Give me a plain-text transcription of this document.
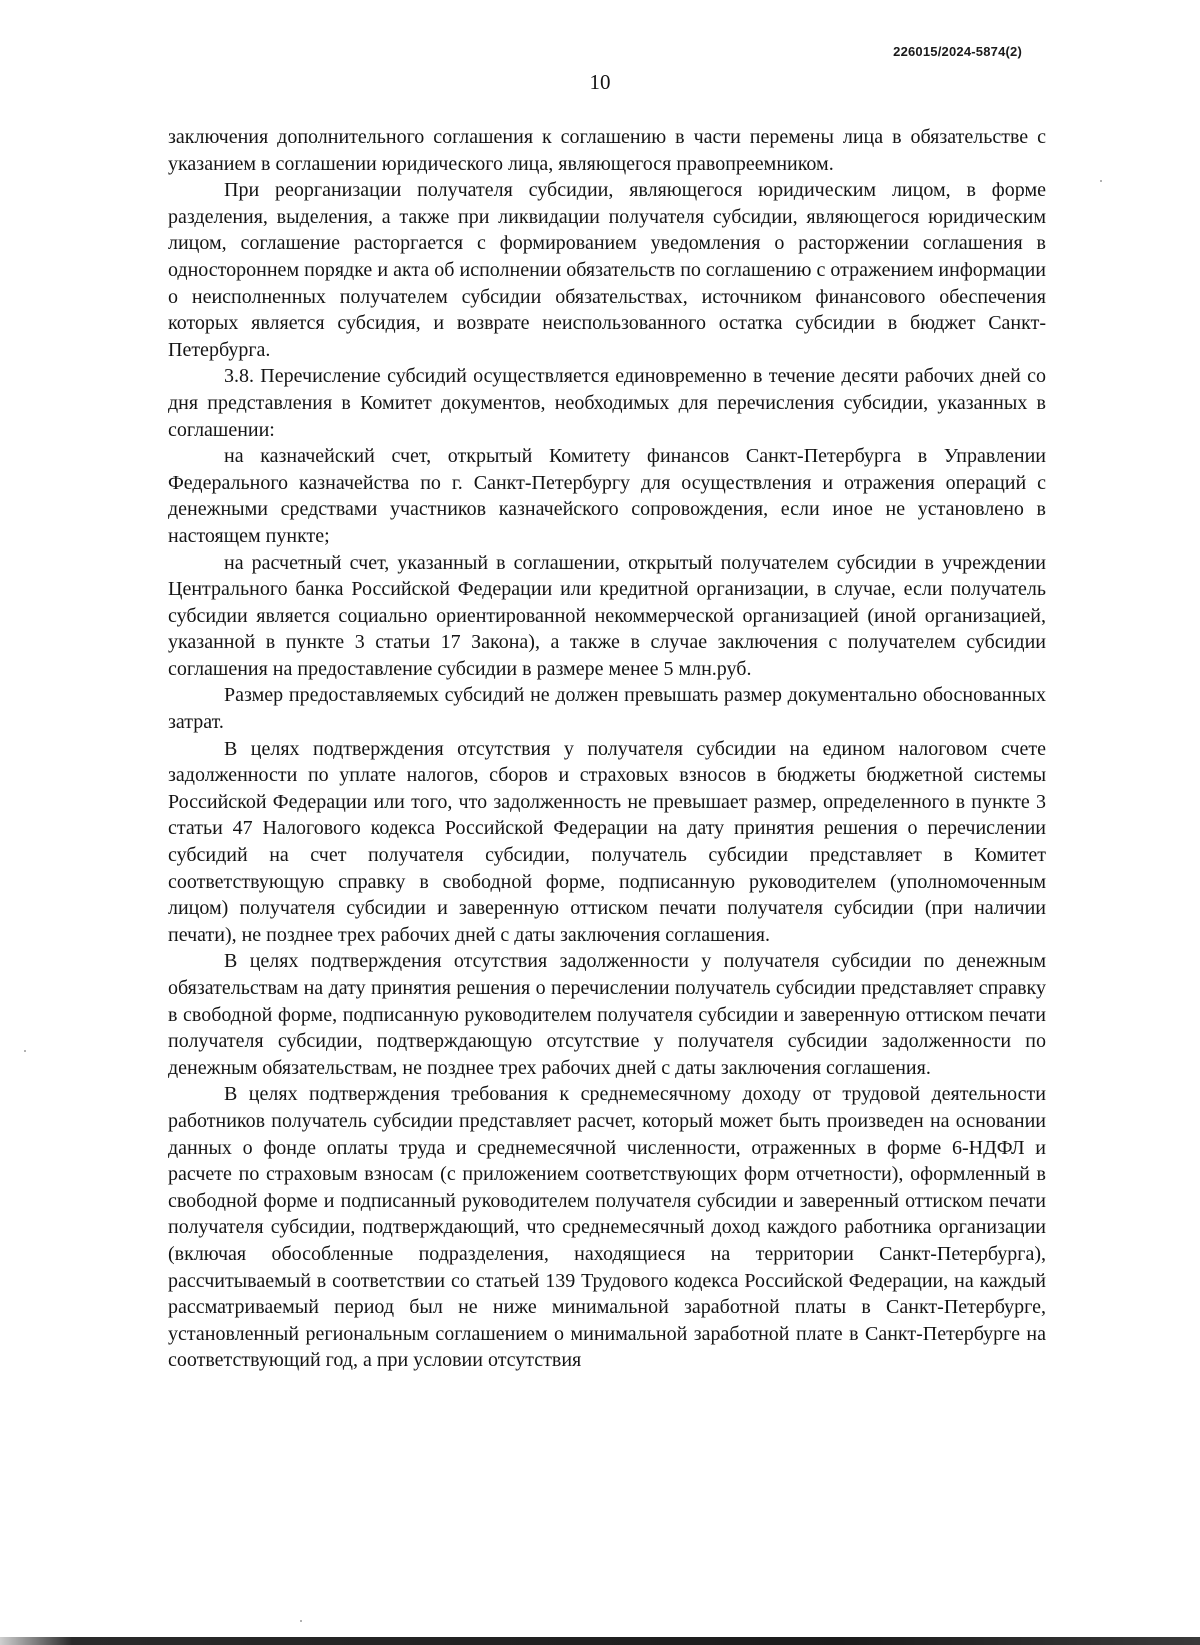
226015/2024-5874(2)
10

заключения дополнительного соглашения к соглашению в части перемены лица в обязательстве с указанием в соглашении юридического лица, являющегося правопреемником.

При реорганизации получателя субсидии, являющегося юридическим лицом, в форме разделения, выделения, а также при ликвидации получателя субсидии, являющегося юридическим лицом, соглашение расторгается с формированием уведомления о расторжении соглашения в одностороннем порядке и акта об исполнении обязательств по соглашению с отражением информации о неисполненных получателем субсидии обязательствах, источником финансового обеспечения которых является субсидия, и возврате неиспользованного остатка субсидии в бюджет Санкт-Петербурга.

3.8. Перечисление субсидий осуществляется единовременно в течение десяти рабочих дней со дня представления в Комитет документов, необходимых для перечисления субсидии, указанных в соглашении:

на казначейский счет, открытый Комитету финансов Санкт-Петербурга в Управлении Федерального казначейства по г. Санкт-Петербургу для осуществления и отражения операций с денежными средствами участников казначейского сопровождения, если иное не установлено в настоящем пункте;

на расчетный счет, указанный в соглашении, открытый получателем субсидии в учреждении Центрального банка Российской Федерации или кредитной организации, в случае, если получатель субсидии является социально ориентированной некоммерческой организацией (иной организацией, указанной в пункте 3 статьи 17 Закона), а также в случае заключения с получателем субсидии соглашения на предоставление субсидии в размере менее 5 млн.руб.

Размер предоставляемых субсидий не должен превышать размер документально обоснованных затрат.

В целях подтверждения отсутствия у получателя субсидии на едином налоговом счете задолженности по уплате налогов, сборов и страховых взносов в бюджеты бюджетной системы Российской Федерации или того, что задолженность не превышает размер, определенного в пункте 3 статьи 47 Налогового кодекса Российской Федерации на дату принятия решения о перечислении субсидий на счет получателя субсидии, получатель субсидии представляет в Комитет соответствующую справку в свободной форме, подписанную руководителем (уполномоченным лицом) получателя субсидии и заверенную оттиском печати получателя субсидии (при наличии печати), не позднее трех рабочих дней с даты заключения соглашения.

В целях подтверждения отсутствия задолженности у получателя субсидии по денежным обязательствам на дату принятия решения о перечислении получатель субсидии представляет справку в свободной форме, подписанную руководителем получателя субсидии и заверенную оттиском печати получателя субсидии, подтверждающую отсутствие у получателя субсидии задолженности по денежным обязательствам, не позднее трех рабочих дней с даты заключения соглашения.

В целях подтверждения требования к среднемесячному доходу от трудовой деятельности работников получатель субсидии представляет расчет, который может быть произведен на основании данных о фонде оплаты труда и среднемесячной численности, отраженных в форме 6-НДФЛ и расчете по страховым взносам (с приложением соответствующих форм отчетности), оформленный в свободной форме и подписанный руководителем получателя субсидии и заверенный оттиском печати получателя субсидии, подтверждающий, что среднемесячный доход каждого работника организации (включая обособленные подразделения, находящиеся на территории Санкт-Петербурга), рассчитываемый в соответствии со статьей 139 Трудового кодекса Российской Федерации, на каждый рассматриваемый период был не ниже минимальной заработной платы в Санкт-Петербурге, установленный региональным соглашением о минимальной заработной плате в Санкт-Петербурге на соответствующий год, а при условии отсутствия
